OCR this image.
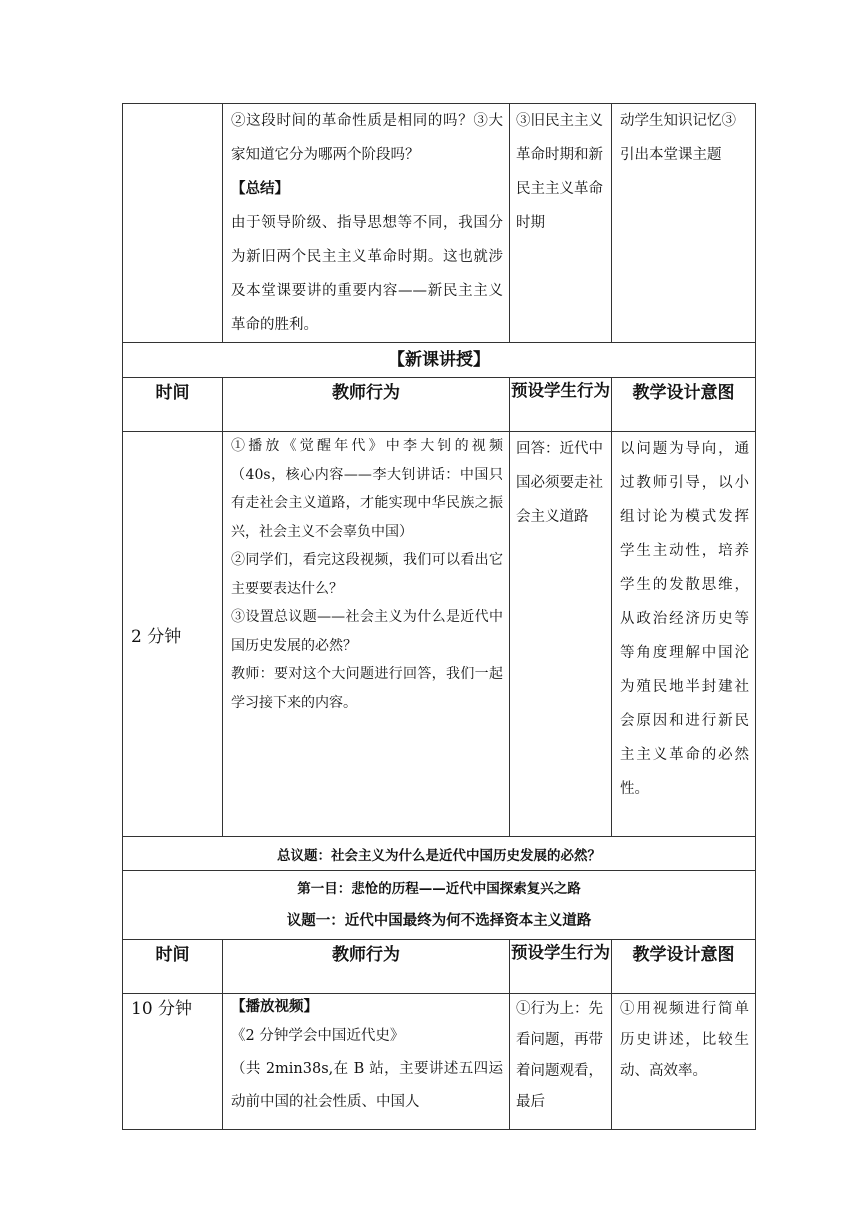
	②这段时间的革命性质是相同的吗？③大家知道它分为哪两个阶段吗？

【总结】

由于领导阶级、指导思想等不同，我国分为新旧两个民主主义革命时期。这也就涉及本堂课要讲的重要内容——新民主主义革命的胜利。	③旧民主主义革命时期和新民主主义革命时期	动学生知识记忆③引出本堂课主题

【新课讲授】			
时间	教师行为	预设学生行为	教学设计意图
2 分钟	①播放《觉醒年代》中李大钊的视频（40s，核心内容——李大钊讲话：中国只有走社会主义道路，才能实现中华民族之振兴，社会主义不会辜负中国）

②同学们，看完这段视频，我们可以看出它主要要表达什么？

③设置总议题——社会主义为什么是近代中国历史发展的必然？

教师：要对这个大问题进行回答，我们一起学习接下来的内容。	回答：近代中国必须要走社会主义道路	以问题为导向，通过教师引导，以小组讨论为模式发挥学生主动性，培养学生的发散思维，从政治经济历史等等角度理解中国沦为殖民地半封建社会原因和进行新民主主义革命的必然性。

总议题：社会主义为什么是近代中国历史发展的必然？			

第一目：悲怆的历程——近代中国探索复兴之路
议题一：近代中国最终为何不选择资本主义道路			

时间	教师行为	预设学生行为	教学设计意图

10 分钟	【播放视频】

《2 分钟学会中国近代史》

（共 2min38s,在 B 站，主要讲述五四运动前中国的社会性质、中国人	①行为上：先看问题，再带着问题观看，最后	①用视频进行简单历史讲述，比较生动、高效率。
